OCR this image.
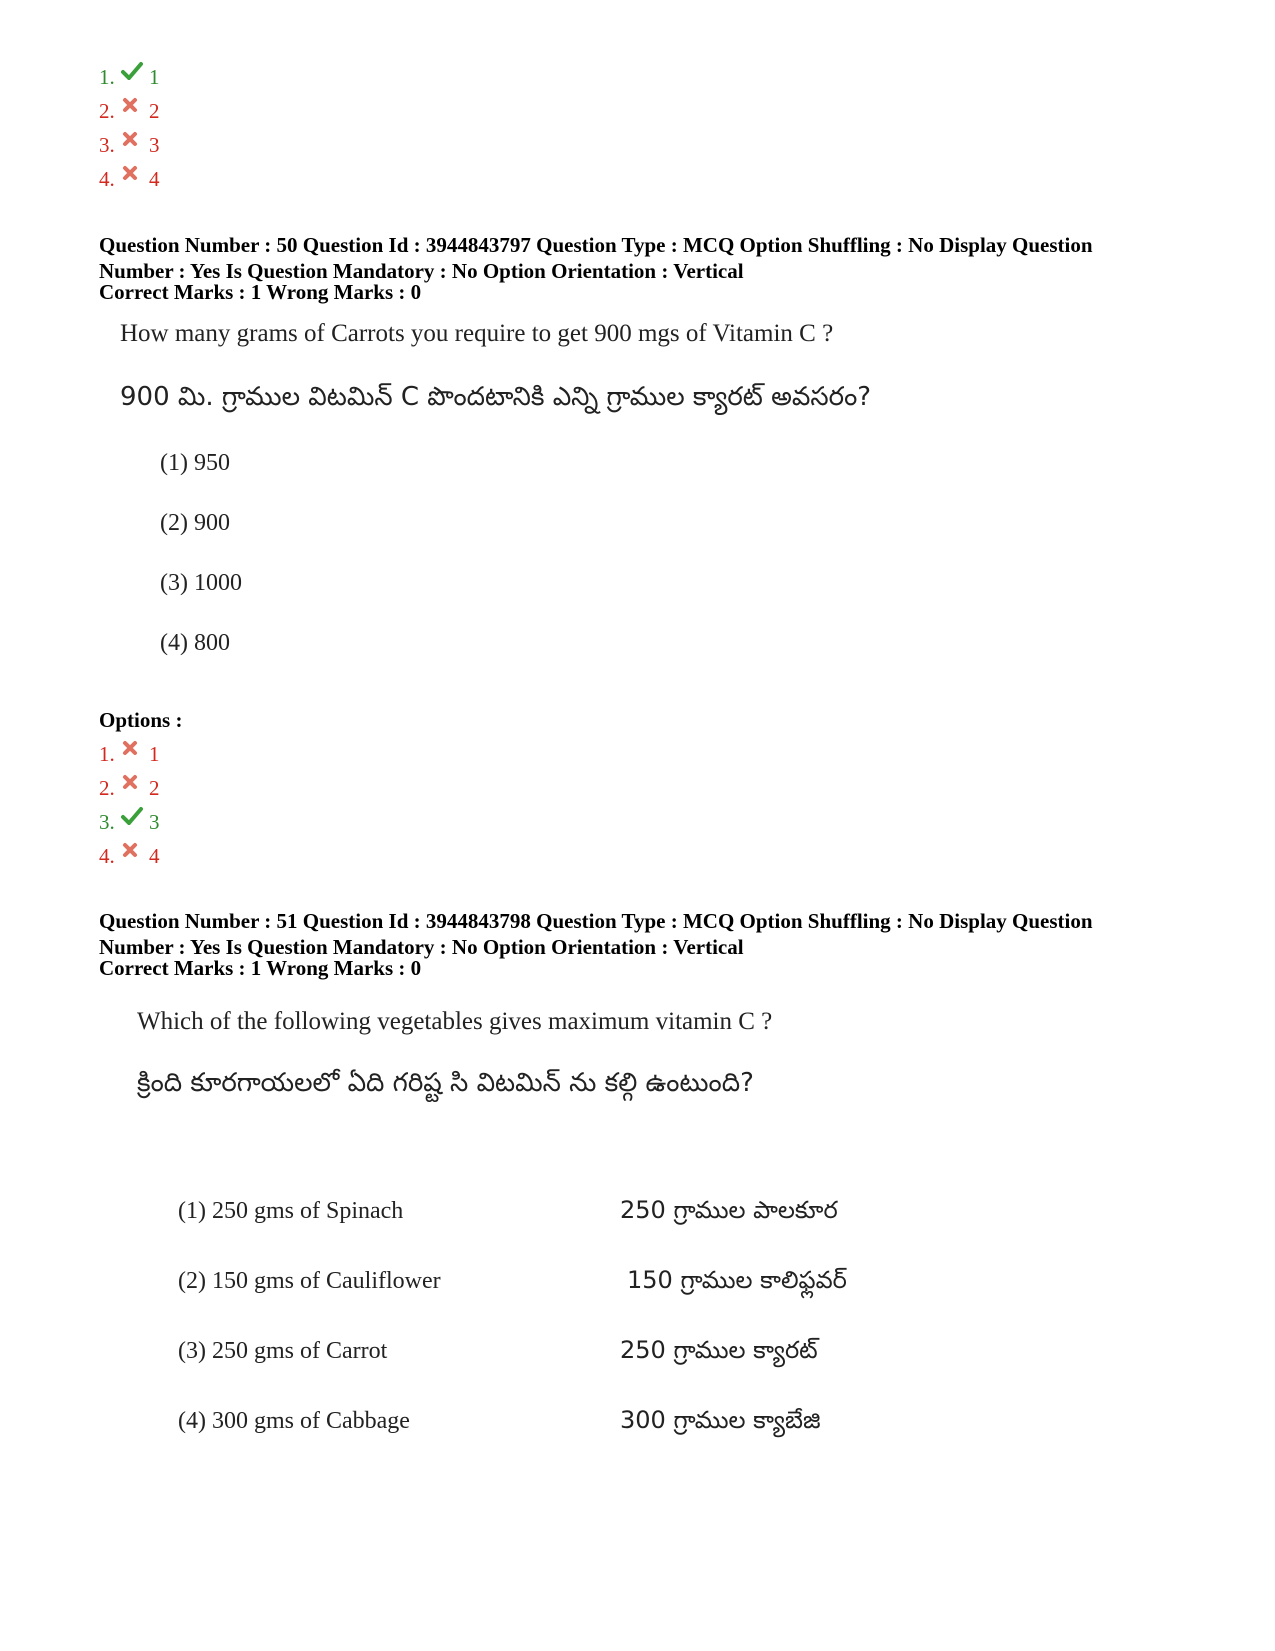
1. 1
2. 2
3. 3
4. 4

Question Number : 50 Question Id : 3944843797 Question Type : MCQ Option Shuffling : No Display Question

Number : Yes Is Question Mandatory : No Option Orientation : Vertical

Correct Marks : 1 Wrong Marks : 0
How many grams of Carrots you require to get 900 mgs of Vitamin C ?
900 మి. గ్రాముల విటమిన్ C పొందటానికి ఎన్ని గ్రాముల క్యారట్ అవసరం?
(1) 950
(2) 900
(3) 1000
(4) 800
Options :
1. 1
2. 2
3. 3
4. 4

Question Number : 51 Question Id : 3944843798 Question Type : MCQ Option Shuffling : No Display Question

Number : Yes Is Question Mandatory : No Option Orientation : Vertical

Correct Marks : 1 Wrong Marks : 0
Which of the following vegetables gives maximum vitamin C ?
క్రింది కూరగాయలలో ఏది గరిష్ట సి విటమిన్ ను కల్గి ఉంటుంది?
(1) 250 gms of Spinach	250 గ్రాముల పాలకూర
(2) 150 gms of Cauliflower	150 గ్రాముల కాలిఫ్లవర్
(3) 250 gms of Carrot	250 గ్రాముల క్యారట్
(4) 300 gms of Cabbage	300 గ్రాముల క్యాబేజి
